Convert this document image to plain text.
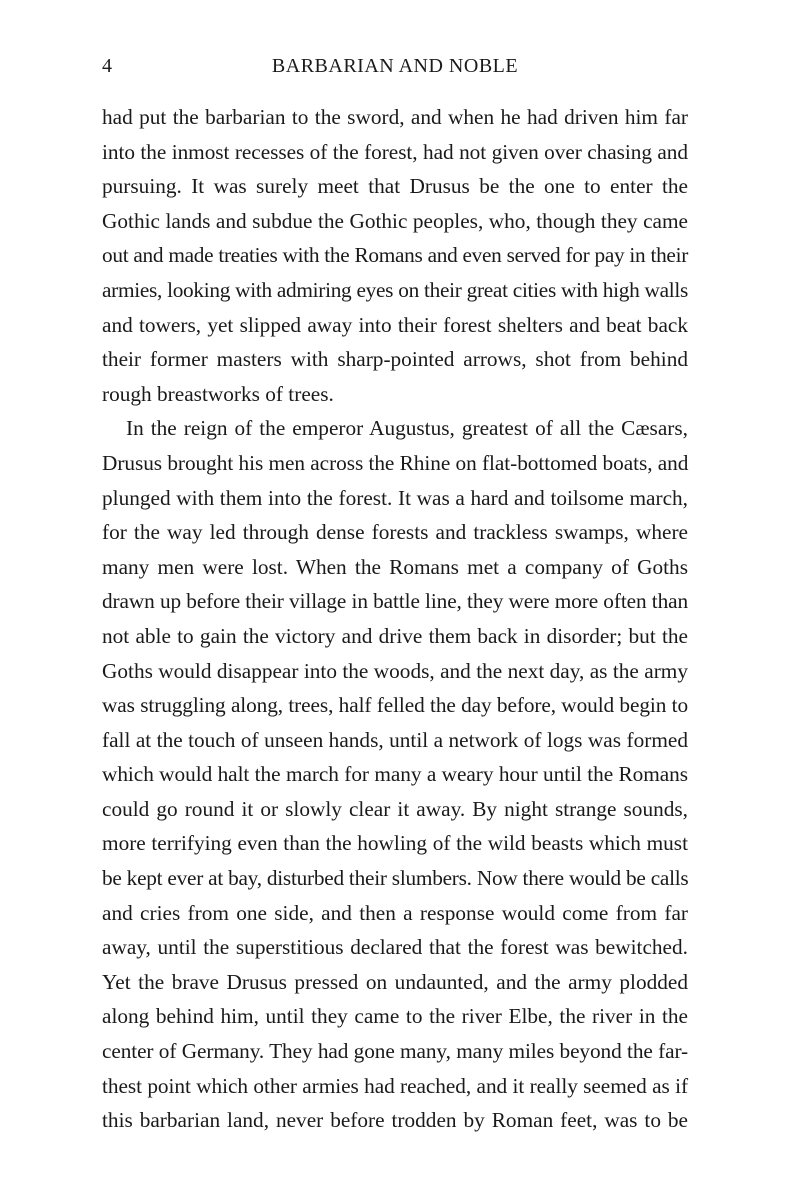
4	BARBARIAN AND NOBLE
had put the barbarian to the sword, and when he had driven him far
into the inmost recesses of the forest, had not given over chasing and
pursuing. It was surely meet that Drusus be the one to enter the
Gothic lands and subdue the Gothic peoples, who, though they came
out and made treaties with the Romans and even served for pay in their
armies, looking with admiring eyes on their great cities with high walls
and towers, yet slipped away into their forest shelters and beat back
their former masters with sharp-pointed arrows, shot from behind
rough breastworks of trees.
In the reign of the emperor Augustus, greatest of all the Cæsars,
Drusus brought his men across the Rhine on flat-bottomed boats, and
plunged with them into the forest. It was a hard and toilsome march,
for the way led through dense forests and trackless swamps, where
many men were lost. When the Romans met a company of Goths
drawn up before their village in battle line, they were more often than
not able to gain the victory and drive them back in disorder; but the
Goths would disappear into the woods, and the next day, as the army
was struggling along, trees, half felled the day before, would begin to
fall at the touch of unseen hands, until a network of logs was formed
which would halt the march for many a weary hour until the Romans
could go round it or slowly clear it away. By night strange sounds,
more terrifying even than the howling of the wild beasts which must
be kept ever at bay, disturbed their slumbers. Now there would be calls
and cries from one side, and then a response would come from far
away, until the superstitious declared that the forest was bewitched.
Yet the brave Drusus pressed on undaunted, and the army plodded
along behind him, until they came to the river Elbe, the river in the
center of Germany. They had gone many, many miles beyond the far-
thest point which other armies had reached, and it really seemed as if
this barbarian land, never before trodden by Roman feet, was to be
